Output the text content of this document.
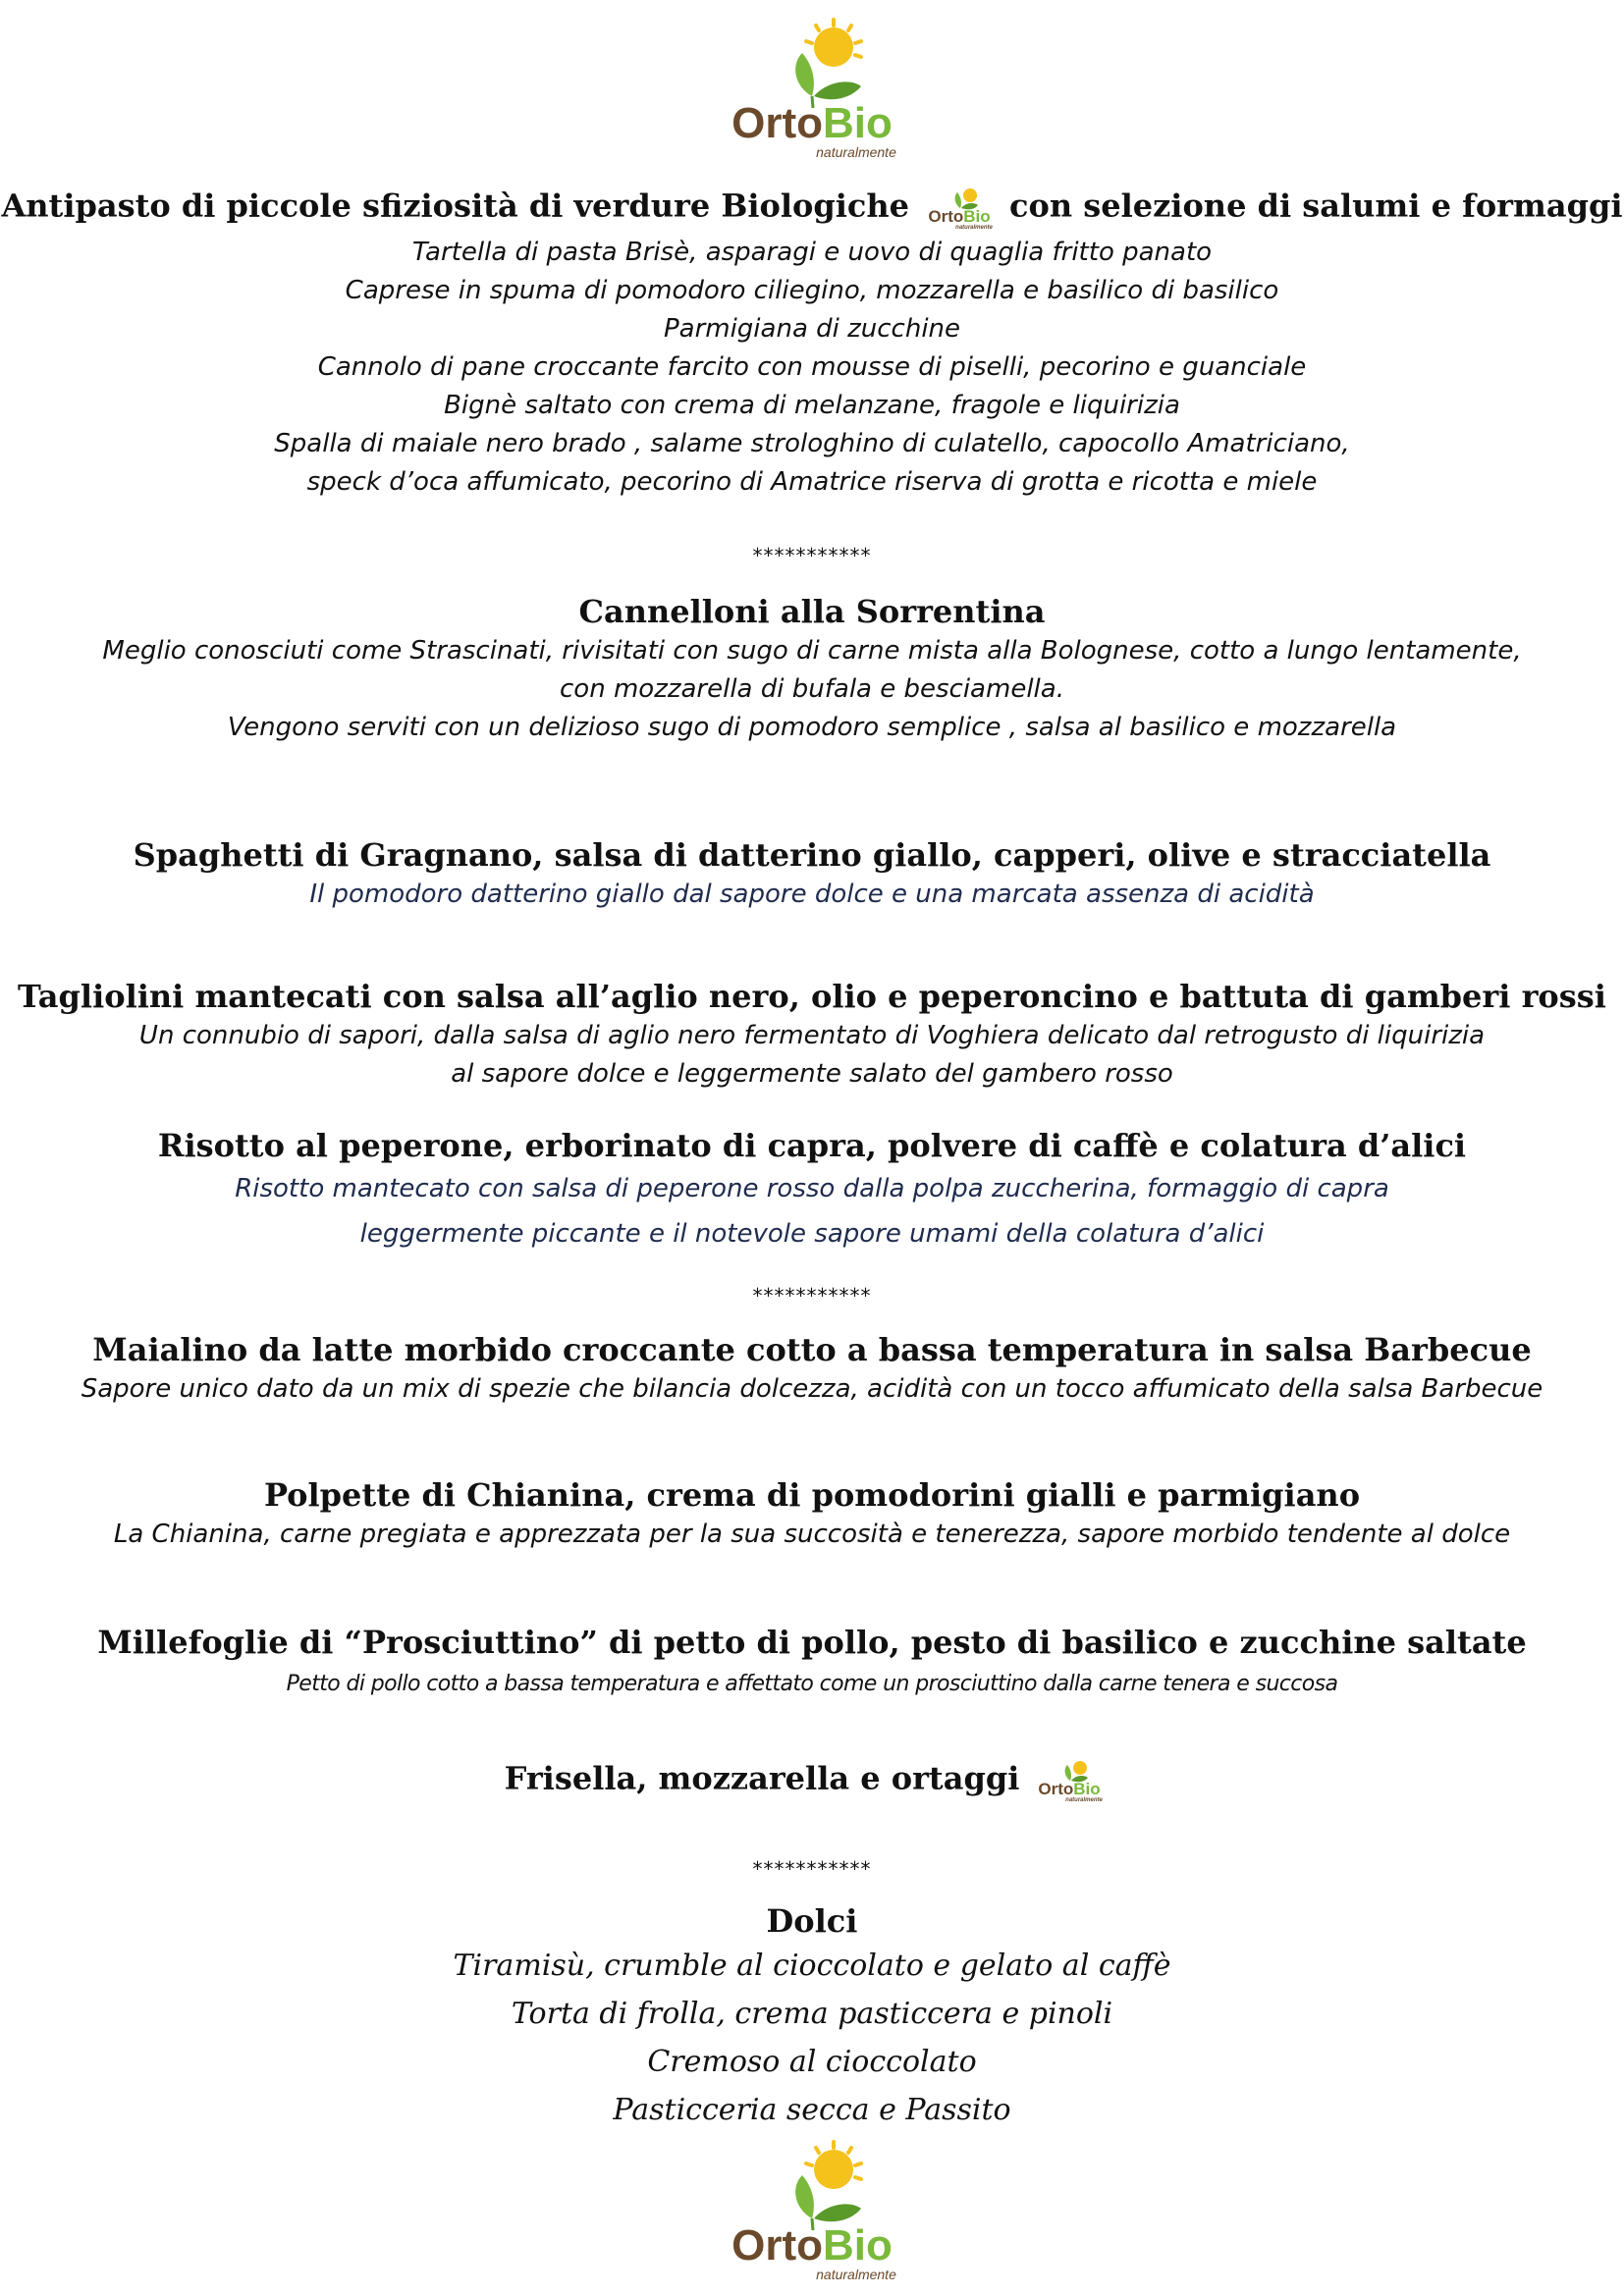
OrtoBio
naturalmente
Antipasto di piccole sfiziosità di verdure Biologiche OrtoBio
naturalmente
con selezione di salumi e formaggi
Tartella di pasta Brisè, asparagi e uovo di quaglia fritto panato
Caprese in spuma di pomodoro ciliegino, mozzarella e basilico di basilico
Parmigiana di zucchine
Cannolo di pane croccante farcito con mousse di piselli, pecorino e guanciale
Bignè saltato con crema di melanzane, fragole e liquirizia
Spalla di maiale nero brado , salame strologhino di culatello, capocollo Amatriciano,
speck d’oca affumicato, pecorino di Amatrice riserva di grotta e ricotta e miele
***********
Cannelloni alla Sorrentina
Meglio conosciuti come Strascinati, rivisitati con sugo di carne mista alla Bolognese, cotto a lungo lentamente,
con mozzarella di bufala e besciamella.
Vengono serviti con un delizioso sugo di pomodoro semplice , salsa al basilico e mozzarella
Spaghetti di Gragnano, salsa di datterino giallo, capperi, olive e stracciatella
Il pomodoro datterino giallo dal sapore dolce e una marcata assenza di acidità
Tagliolini mantecati con salsa all’aglio nero, olio e peperoncino e battuta di gamberi rossi
Un connubio di sapori, dalla salsa di aglio nero fermentato di Voghiera delicato dal retrogusto di liquirizia
al sapore dolce e leggermente salato del gambero rosso
Risotto al peperone, erborinato di capra, polvere di caffè e colatura d’alici
Risotto mantecato con salsa di peperone rosso dalla polpa zuccherina, formaggio di capra
leggermente piccante e il notevole sapore umami della colatura d’alici
***********
Maialino da latte morbido croccante cotto a bassa temperatura in salsa Barbecue
Sapore unico dato da un mix di spezie che bilancia dolcezza, acidità con un tocco affumicato della salsa Barbecue
Polpette di Chianina, crema di pomodorini gialli e parmigiano
La Chianina, carne pregiata e apprezzata per la sua succosità e tenerezza, sapore morbido tendente al dolce
Millefoglie di “Prosciuttino” di petto di pollo, pesto di basilico e zucchine saltate
Petto di pollo cotto a bassa temperatura e affettato come un prosciuttino dalla carne tenera e succosa
Frisella, mozzarella e ortaggi OrtoBio
naturalmente
***********
Dolci
Tiramisù, crumble al cioccolato e gelato al caffè
Torta di frolla, crema pasticcera e pinoli
Cremoso al cioccolato
Pasticceria secca e Passito
OrtoBio
naturalmente
